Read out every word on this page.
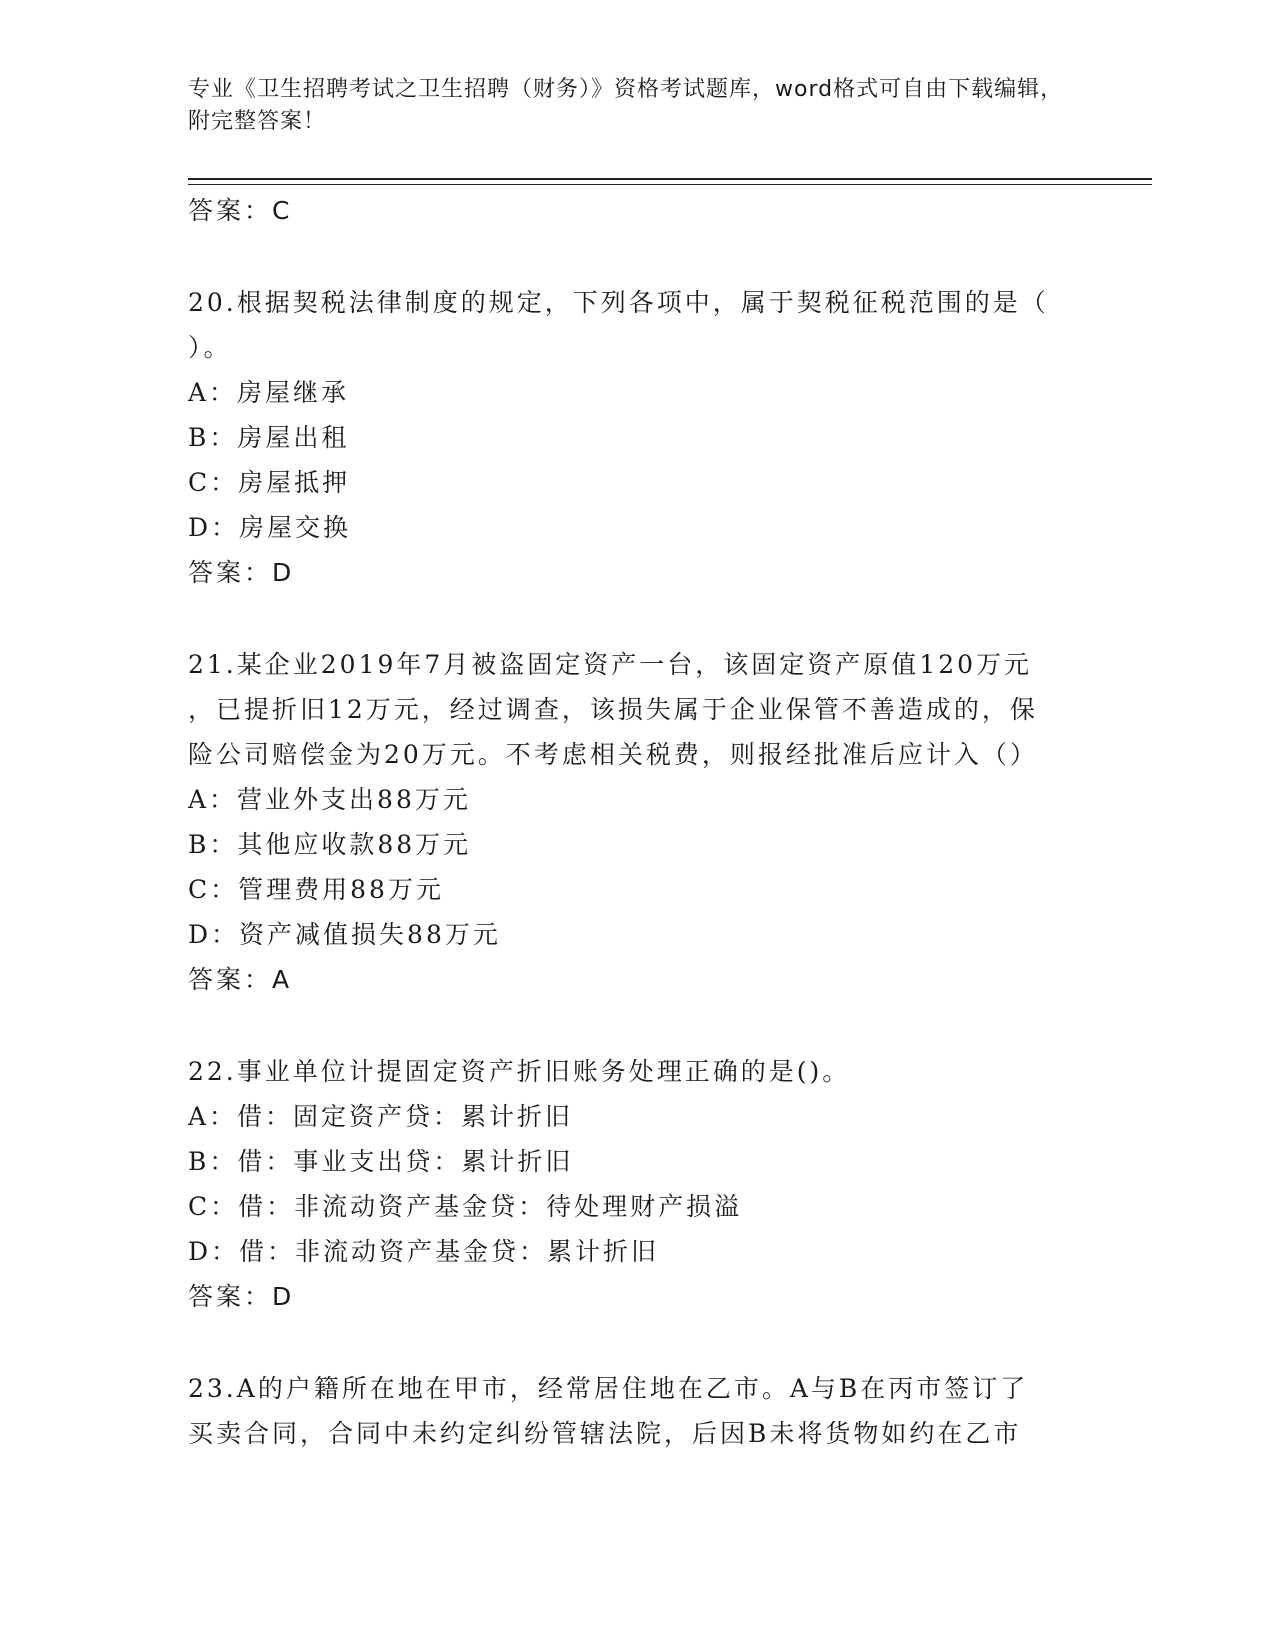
专业《卫生招聘考试之卫生招聘（财务）》资格考试题库，word格式可自由下载编辑，附完整答案！
答案：C
20.根据契税法律制度的规定，下列各项中，属于契税征税范围的是（
）。
A：房屋继承
B：房屋出租
C：房屋抵押
D：房屋交换
答案：D
21.某企业2019年7月被盗固定资产一台，该固定资产原值120万元
，已提折旧12万元，经过调查，该损失属于企业保管不善造成的，保
险公司赔偿金为20万元。不考虑相关税费，则报经批准后应计入（）
A：营业外支出88万元
B：其他应收款88万元
C：管理费用88万元
D：资产减值损失88万元
答案：A
22.事业单位计提固定资产折旧账务处理正确的是()。
A：借：固定资产贷：累计折旧
B：借：事业支出贷：累计折旧
C：借：非流动资产基金贷：待处理财产损溢
D：借：非流动资产基金贷：累计折旧
答案：D
23.A的户籍所在地在甲市，经常居住地在乙市。A与B在丙市签订了
买卖合同，合同中未约定纠纷管辖法院，后因B未将货物如约在乙市
